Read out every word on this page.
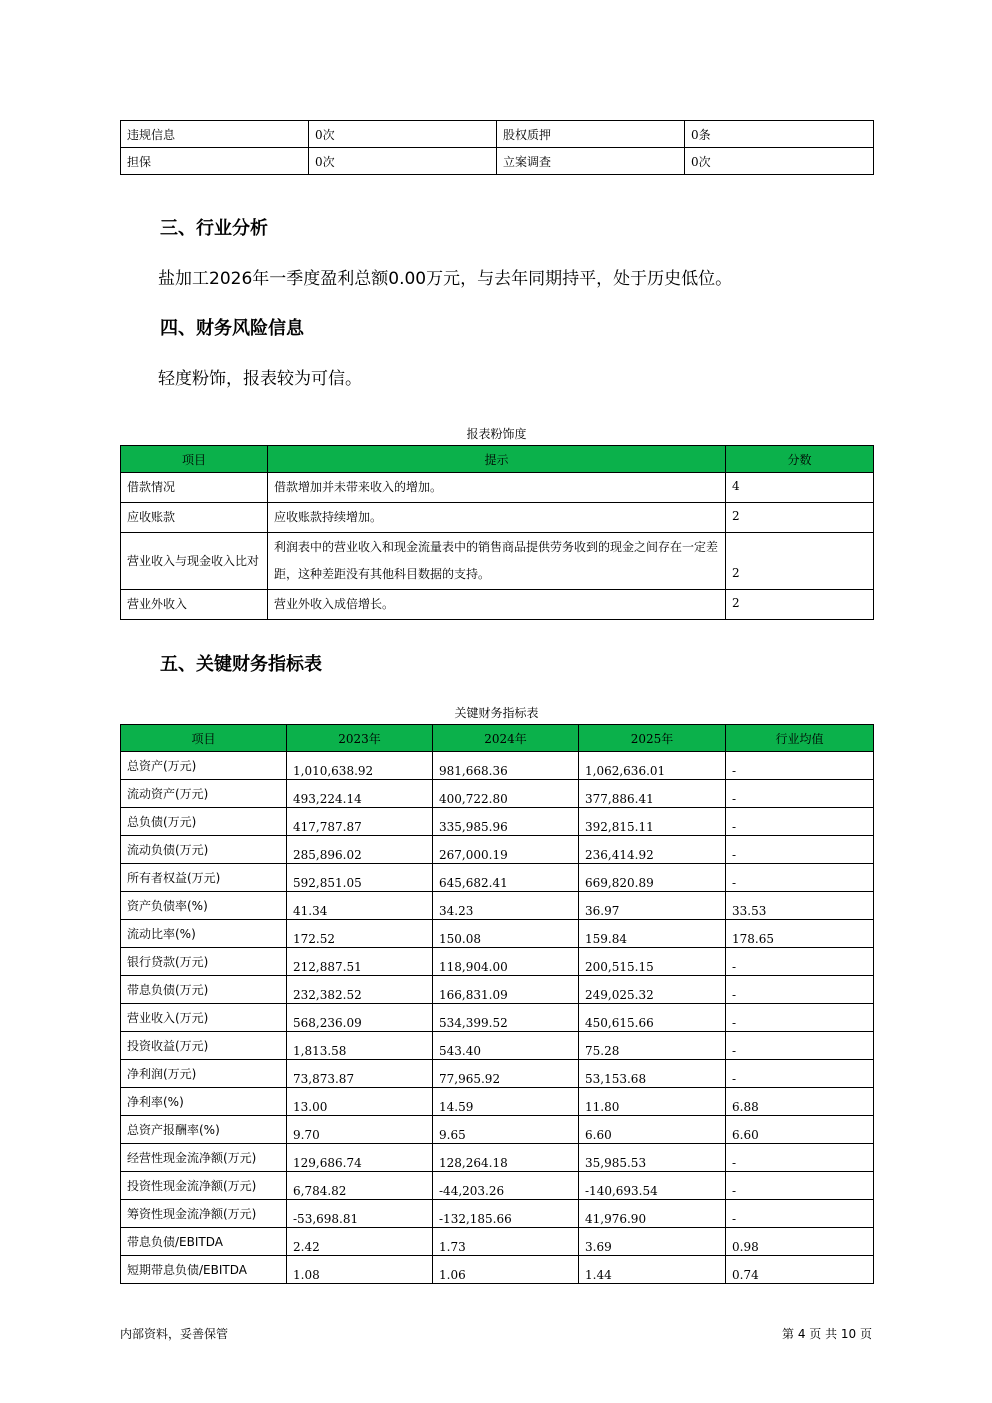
违规信息	0次	股权质押	0条
担保	0次	立案调查	0次
三、行业分析
盐加工2026年一季度盈利总额0.00万元，与去年同期持平，处于历史低位。
四、财务风险信息
轻度粉饰，报表较为可信。
报表粉饰度
项目	提示	分数
借款情况	借款增加并未带来收入的增加。	4
应收账款	应收账款持续增加。	2
营业收入与现金收入比对	利润表中的营业收入和现金流量表中的销售商品提供劳务收到的现金之间存在一定差距，这种差距没有其他科目数据的支持。	2
营业外收入	营业外收入成倍增长。	2
五、关键财务指标表
关键财务指标表
项目	2023年	2024年	2025年	行业均值
总资产(万元)	1,010,638.92	981,668.36	1,062,636.01	-
流动资产(万元)	493,224.14	400,722.80	377,886.41	-
总负债(万元)	417,787.87	335,985.96	392,815.11	-
流动负债(万元)	285,896.02	267,000.19	236,414.92	-
所有者权益(万元)	592,851.05	645,682.41	669,820.89	-
资产负债率(%)	41.34	34.23	36.97	33.53
流动比率(%)	172.52	150.08	159.84	178.65
银行贷款(万元)	212,887.51	118,904.00	200,515.15	-
带息负债(万元)	232,382.52	166,831.09	249,025.32	-
营业收入(万元)	568,236.09	534,399.52	450,615.66	-
投资收益(万元)	1,813.58	543.40	75.28	-
净利润(万元)	73,873.87	77,965.92	53,153.68	-
净利率(%)	13.00	14.59	11.80	6.88
总资产报酬率(%)	9.70	9.65	6.60	6.60
经营性现金流净额(万元)	129,686.74	128,264.18	35,985.53	-
投资性现金流净额(万元)	6,784.82	-44,203.26	-140,693.54	-
筹资性现金流净额(万元)	-53,698.81	-132,185.66	41,976.90	-
带息负债/EBITDA	2.42	1.73	3.69	0.98
短期带息负债/EBITDA	1.08	1.06	1.44	0.74
内部资料，妥善保管	第 4 页 共 10 页
